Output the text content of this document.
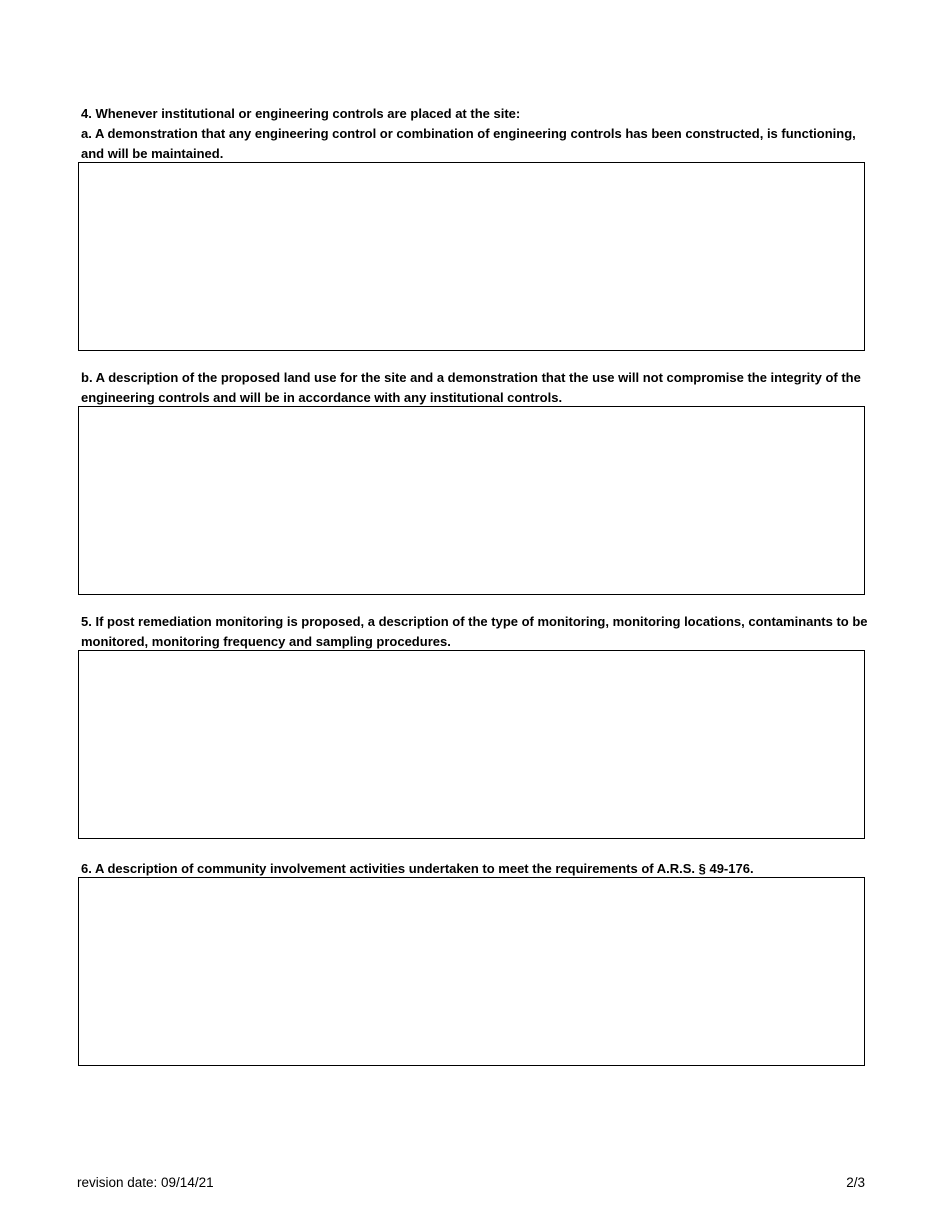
4. Whenever institutional or engineering controls are placed at the site:

a. A demonstration that any engineering control or combination of engineering controls has been constructed, is functioning, and will be maintained.

b. A description of the proposed land use for the site and a demonstration that the use will not compromise the integrity of the engineering controls and will be in accordance with any institutional controls.

5. If post remediation monitoring is proposed, a description of the type of monitoring, monitoring locations, contaminants to be monitored, monitoring frequency and sampling procedures.

6. A description of community involvement activities undertaken to meet the requirements of A.R.S. § 49-176.

revision date: 09/14/21	2/3
